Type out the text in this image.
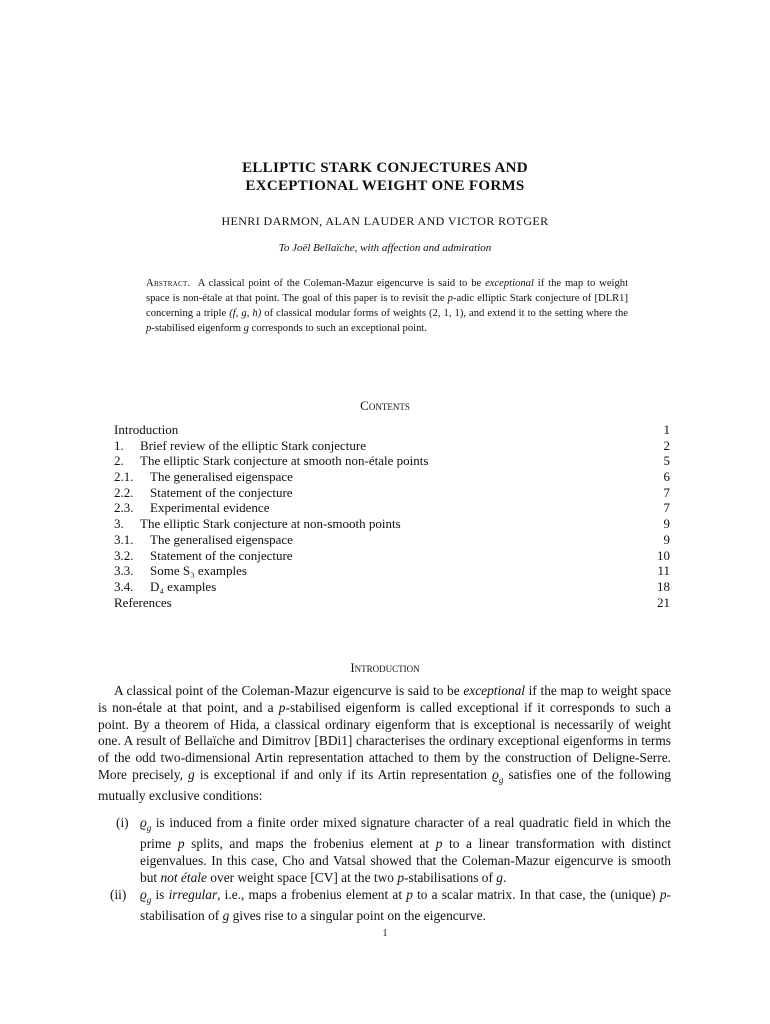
ELLIPTIC STARK CONJECTURES AND
EXCEPTIONAL WEIGHT ONE FORMS
HENRI DARMON, ALAN LAUDER AND VICTOR ROTGER
To Joël Bellaïche, with affection and admiration
Abstract. A classical point of the Coleman-Mazur eigencurve is said to be exceptional if the map to weight space is non-étale at that point. The goal of this paper is to revisit the p-adic elliptic Stark conjecture of [DLR1] concerning a triple (f, g, h) of classical modular forms of weights (2, 1, 1), and extend it to the setting where the p-stabilised eigenform g corresponds to such an exceptional point.
Contents
Introduction	1
1. Brief review of the elliptic Stark conjecture	2
2. The elliptic Stark conjecture at smooth non-étale points	5
2.1. The generalised eigenspace	6
2.2. Statement of the conjecture	7
2.3. Experimental evidence	7
3. The elliptic Stark conjecture at non-smooth points	9
3.1. The generalised eigenspace	9
3.2. Statement of the conjecture	10
3.3. Some S₃ examples	11
3.4. D₄ examples	18
References	21
Introduction

A classical point of the Coleman-Mazur eigencurve is said to be exceptional if the map to weight space is non-étale at that point, and a p-stabilised eigenform is called exceptional if it corresponds to such a point. By a theorem of Hida, a classical ordinary eigenform that is exceptional is necessarily of weight one. A result of Bellaïche and Dimitrov [BDi1] characterises the ordinary exceptional eigenforms in terms of the odd two-dimensional Artin representation attached to them by the construction of Deligne-Serre. More precisely, g is exceptional if and only if its Artin representation $ϱ_g$ satisfies one of the following mutually exclusive conditions:

(i) $ϱ_g$ is induced from a finite order mixed signature character of a real quadratic field in which the prime p splits, and maps the frobenius element at p to a linear transformation with distinct eigenvalues. In this case, Cho and Vatsal showed that the Coleman-Mazur eigencurve is smooth but not étale over weight space [CV] at the two p-stabilisations of g.
(ii) $ϱ_g$ is irregular, i.e., maps a frobenius element at p to a scalar matrix. In that case, the (unique) p-stabilisation of g gives rise to a singular point on the eigencurve.
1
